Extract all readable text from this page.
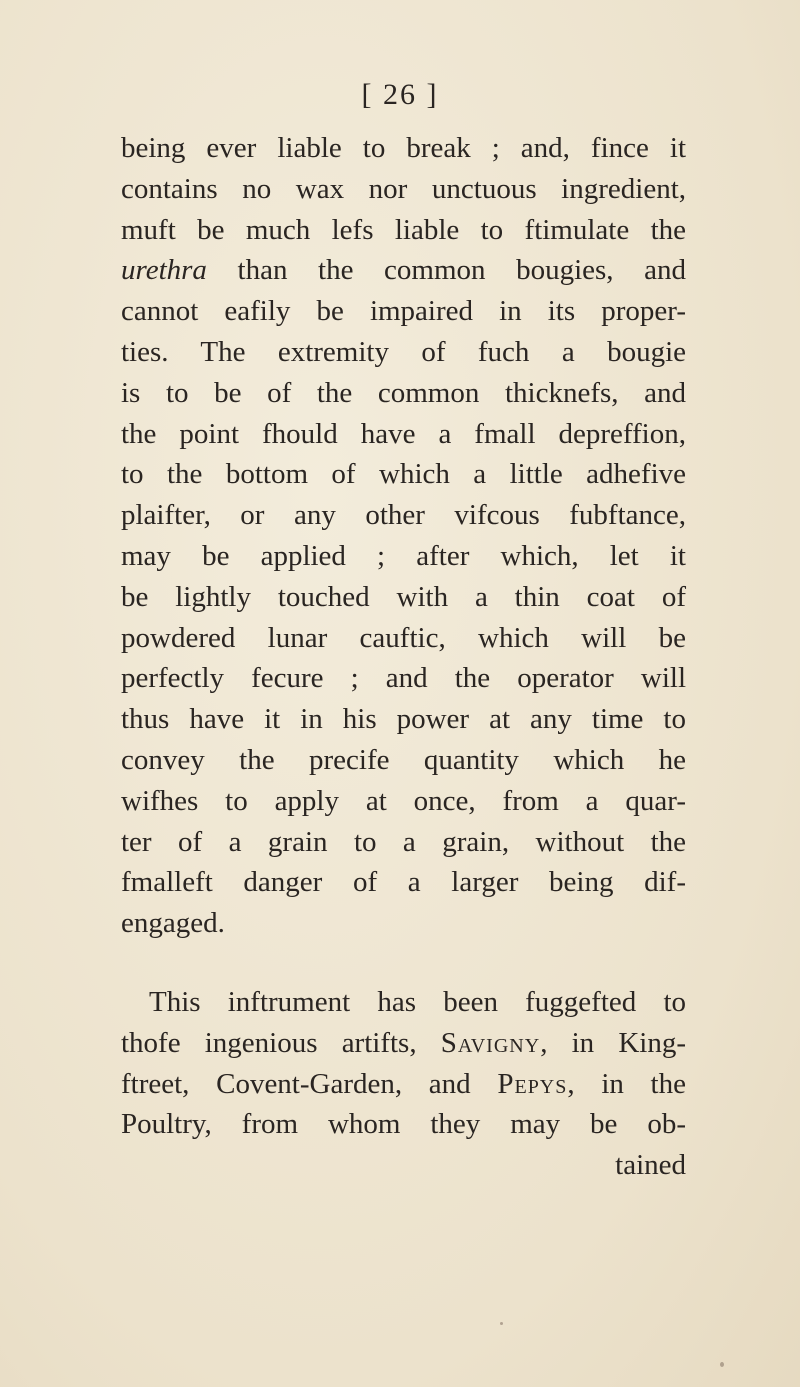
[ 26 ]
being ever liable to break ; and, fince it
contains no wax nor unctuous ingredient,
muft be much lefs liable to ftimulate the
urethra than the common bougies, and
cannot eafily be impaired in its proper-
ties. The extremity of fuch a bougie
is to be of the common thicknefs, and
the point fhould have a fmall depreffion,
to the bottom of which a little adhefive
plaifter, or any other vifcous fubftance,
may be applied ; after which, let it
be lightly touched with a thin coat of
powdered lunar cauftic, which will be
perfectly fecure ; and the operator will
thus have it in his power at any time to
convey the precife quantity which he
wifhes to apply at once, from a quar-
ter of a grain to a grain, without the
fmalleft danger of a larger being dif-
engaged.
This inftrument has been fuggefted to
thofe ingenious artifts, Savigny, in King-
ftreet, Covent-Garden, and Pepys, in the
Poultry, from whom they may be ob-
tained
